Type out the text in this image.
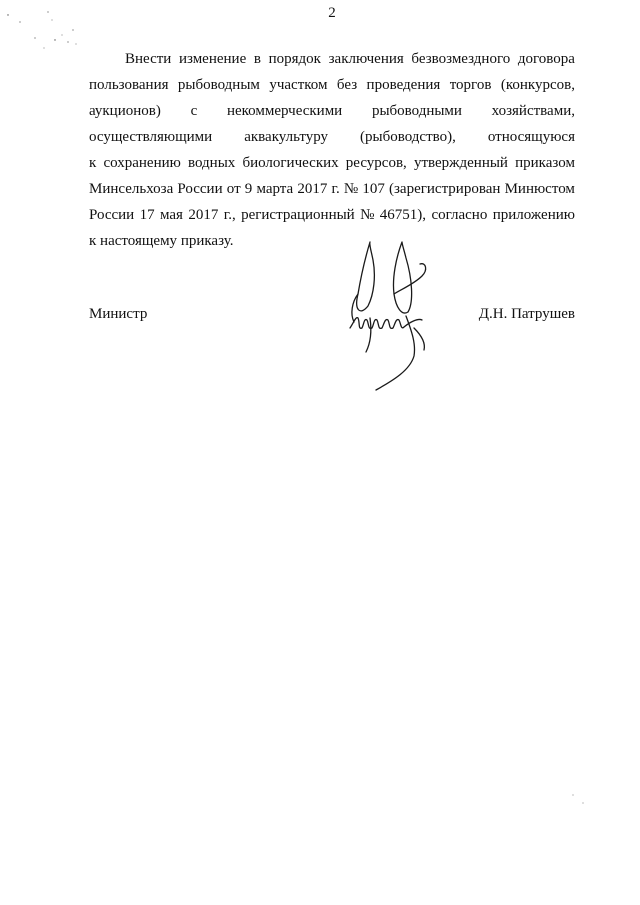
2
Внести изменение в порядок заключения безвозмездного договора
пользования рыбоводным участком без проведения торгов (конкурсов,
аукционов) с некоммерческими рыбоводными хозяйствами,
осуществляющими аквакультуру (рыбоводство), относящуюся
к сохранению водных биологических ресурсов, утвержденный приказом
Минсельхоза России от 9 марта 2017 г. № 107 (зарегистрирован Минюстом
России 17 мая 2017 г., регистрационный № 46751), согласно приложению
к настоящему приказу.
Министр	Д.Н. Патрушев
